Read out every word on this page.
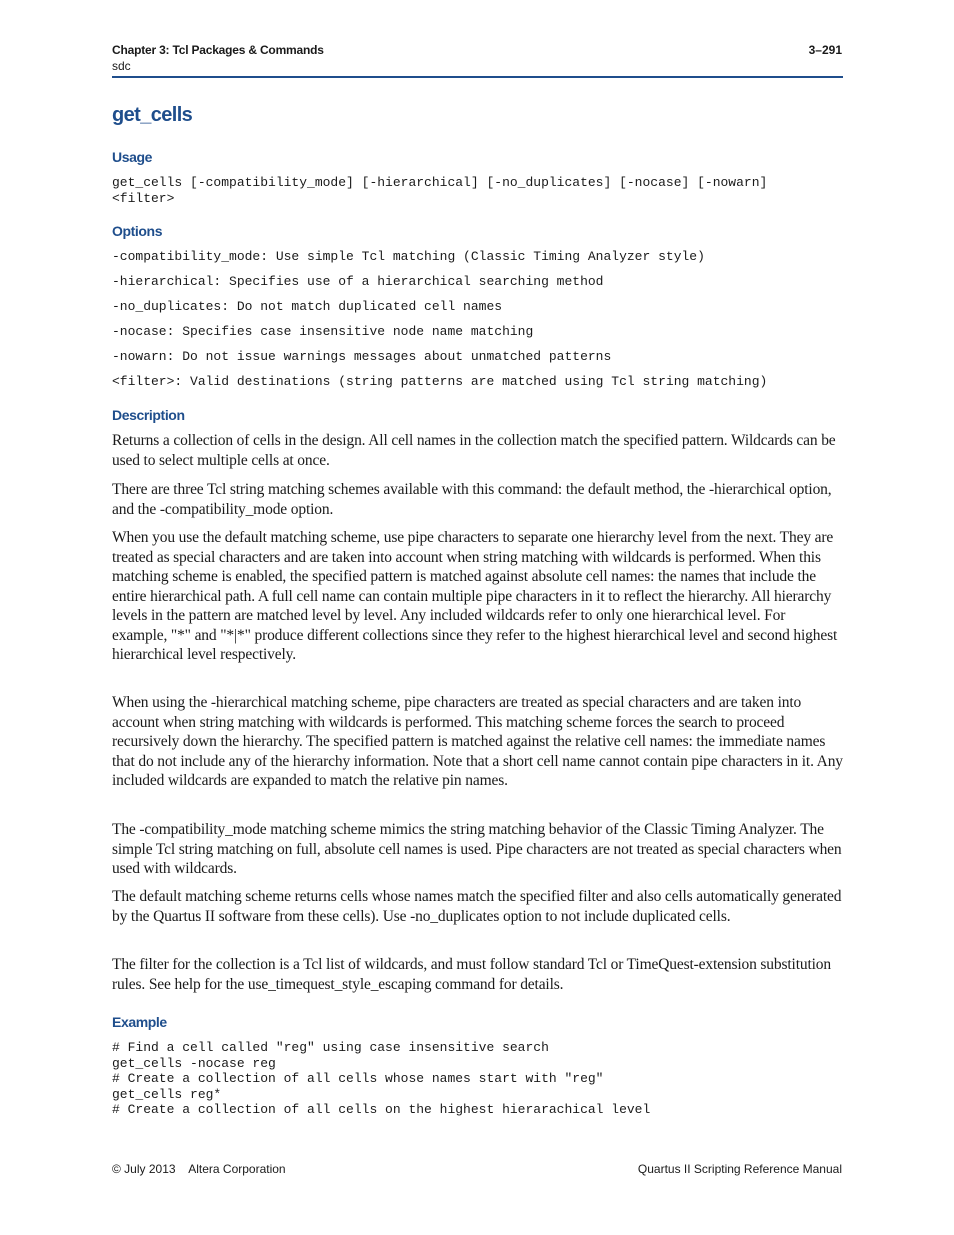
Chapter 3: Tcl Packages & Commands
sdc
3–291
get_cells
Usage
get_cells [-compatibility_mode] [-hierarchical] [-no_duplicates] [-nocase] [-nowarn]
<filter>
Options
-compatibility_mode: Use simple Tcl matching (Classic Timing Analyzer style)
-hierarchical: Specifies use of a hierarchical searching method
-no_duplicates: Do not match duplicated cell names
-nocase: Specifies case insensitive node name matching
-nowarn: Do not issue warnings messages about unmatched patterns
<filter>: Valid destinations (string patterns are matched using Tcl string matching)
Description

Returns a collection of cells in the design. All cell names in the collection match the specified pattern. Wildcards can be used to select multiple cells at once.

There are three Tcl string matching schemes available with this command: the default method, the -hierarchical option, and the -compatibility_mode option.

When you use the default matching scheme, use pipe characters to separate one hierarchy level from the next. They are treated as special characters and are taken into account when string matching with wildcards is performed. When this matching scheme is enabled, the specified pattern is matched against absolute cell names: the names that include the entire hierarchical path. A full cell name can contain multiple pipe characters in it to reflect the hierarchy. All hierarchy levels in the pattern are matched level by level. Any included wildcards refer to only one hierarchical level. For example, "*" and "*|*" produce different collections since they refer to the highest hierarchical level and second highest hierarchical level respectively.

When using the -hierarchical matching scheme, pipe characters are treated as special characters and are taken into account when string matching with wildcards is performed. This matching scheme forces the search to proceed recursively down the hierarchy. The specified pattern is matched against the relative cell names: the immediate names that do not include any of the hierarchy information. Note that a short cell name cannot contain pipe characters in it. Any included wildcards are expanded to match the relative pin names.

The -compatibility_mode matching scheme mimics the string matching behavior of the Classic Timing Analyzer. The simple Tcl string matching on full, absolute cell names is used. Pipe characters are not treated as special characters when used with wildcards.

The default matching scheme returns cells whose names match the specified filter and also cells automatically generated by the Quartus II software from these cells). Use -no_duplicates option to not include duplicated cells.

The filter for the collection is a Tcl list of wildcards, and must follow standard Tcl or TimeQuest-extension substitution rules. See help for the use_timequest_style_escaping command for details.

Example
# Find a cell called "reg" using case insensitive search
get_cells -nocase reg
# Create a collection of all cells whose names start with "reg"
get_cells reg*
# Create a collection of all cells on the highest hierarachical level
© July 2013    Altera Corporation	Quartus II Scripting Reference Manual
